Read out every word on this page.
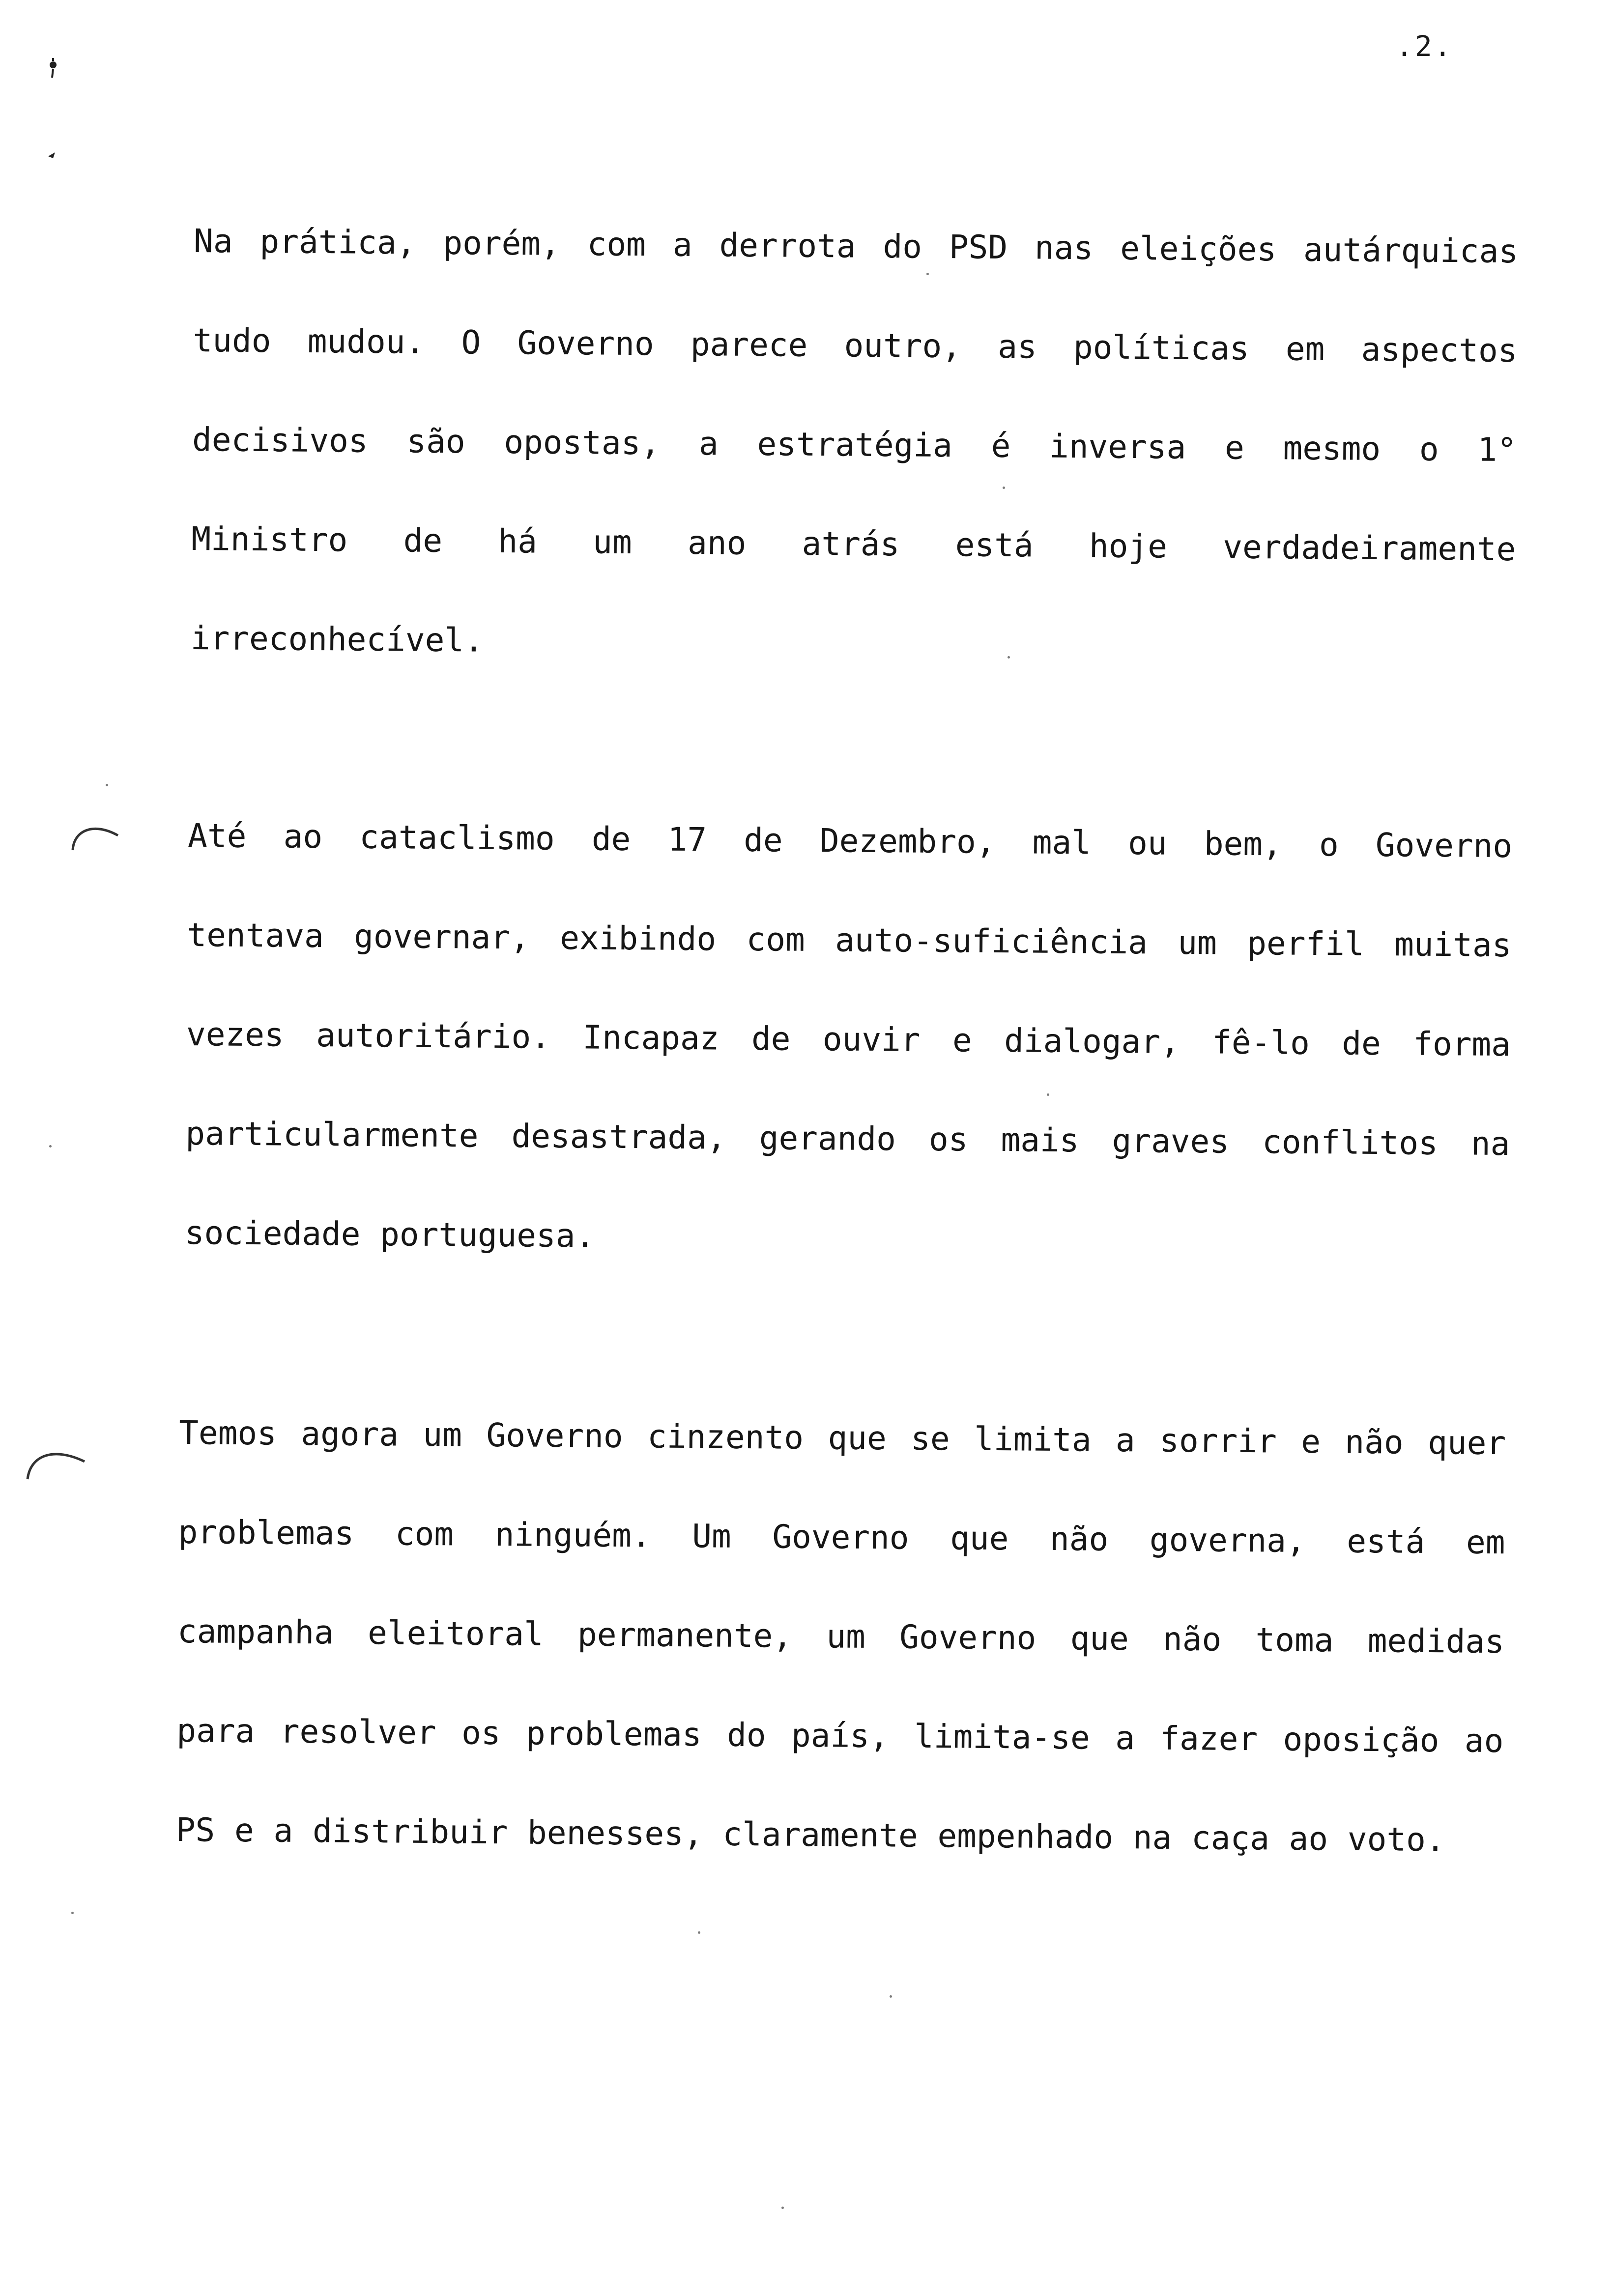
.2.
Na prática, porém, com a derrota do PSD nas eleições autárquicas
tudo mudou. O Governo parece outro, as políticas em aspectos
decisivos são opostas, a estratégia é inversa e mesmo o 1°
Ministro de há um ano atrás está hoje verdadeiramente
irreconhecível.
Até ao cataclismo de 17 de Dezembro, mal ou bem, o Governo
tentava governar, exibindo com auto-suficiência um perfil muitas
vezes autoritário. Incapaz de ouvir e dialogar, fê-lo de forma
particularmente desastrada, gerando os mais graves conflitos na
sociedade portuguesa.
Temos agora um Governo cinzento que se limita a sorrir e não quer
problemas com ninguém. Um Governo que não governa, está em
campanha eleitoral permanente, um Governo que não toma medidas
para resolver os problemas do país, limita-se a fazer oposição ao
PS e a distribuir benesses, claramente empenhado na caça ao voto.
